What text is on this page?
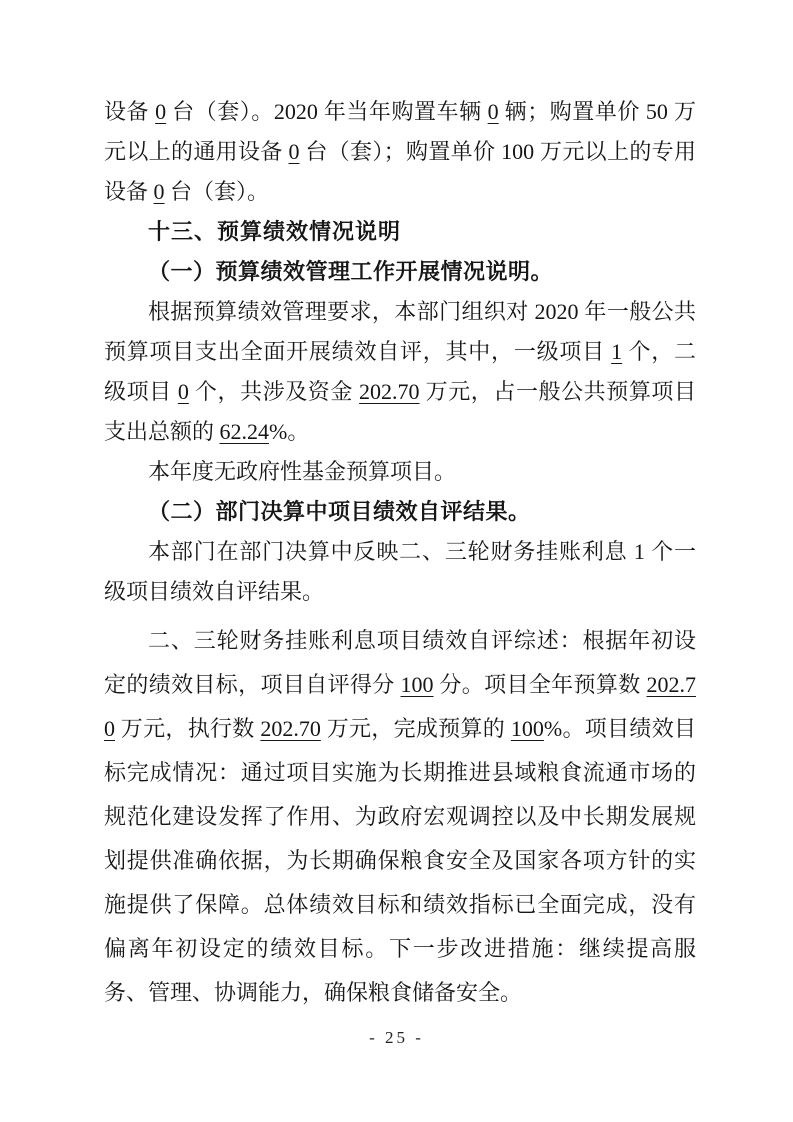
设备 0 台（套）。2020 年当年购置车辆 0 辆；购置单价 50 万元以上的通用设备 0 台（套）；购置单价 100 万元以上的专用设备 0 台（套）。

十三、预算绩效情况说明
（一）预算绩效管理工作开展情况说明。

根据预算绩效管理要求，本部门组织对 2020 年一般公共预算项目支出全面开展绩效自评，其中，一级项目 1 个，二级项目 0 个，共涉及资金 202.70 万元，占一般公共预算项目支出总额的 62.24%。

本年度无政府性基金预算项目。

（二）部门决算中项目绩效自评结果。

本部门在部门决算中反映二、三轮财务挂账利息 1 个一级项目绩效自评结果。

二、三轮财务挂账利息项目绩效自评综述：根据年初设定的绩效目标，项目自评得分 100 分。项目全年预算数 202.70 万元，执行数 202.70 万元，完成预算的 100%。项目绩效目标完成情况：通过项目实施为长期推进县域粮食流通市场的规范化建设发挥了作用、为政府宏观调控以及中长期发展规划提供准确依据，为长期确保粮食安全及国家各项方针的实施提供了保障。总体绩效目标和绩效指标已全面完成，没有偏离年初设定的绩效目标。下一步改进措施：继续提高服务、管理、协调能力，确保粮食储备安全。

- 25 -
